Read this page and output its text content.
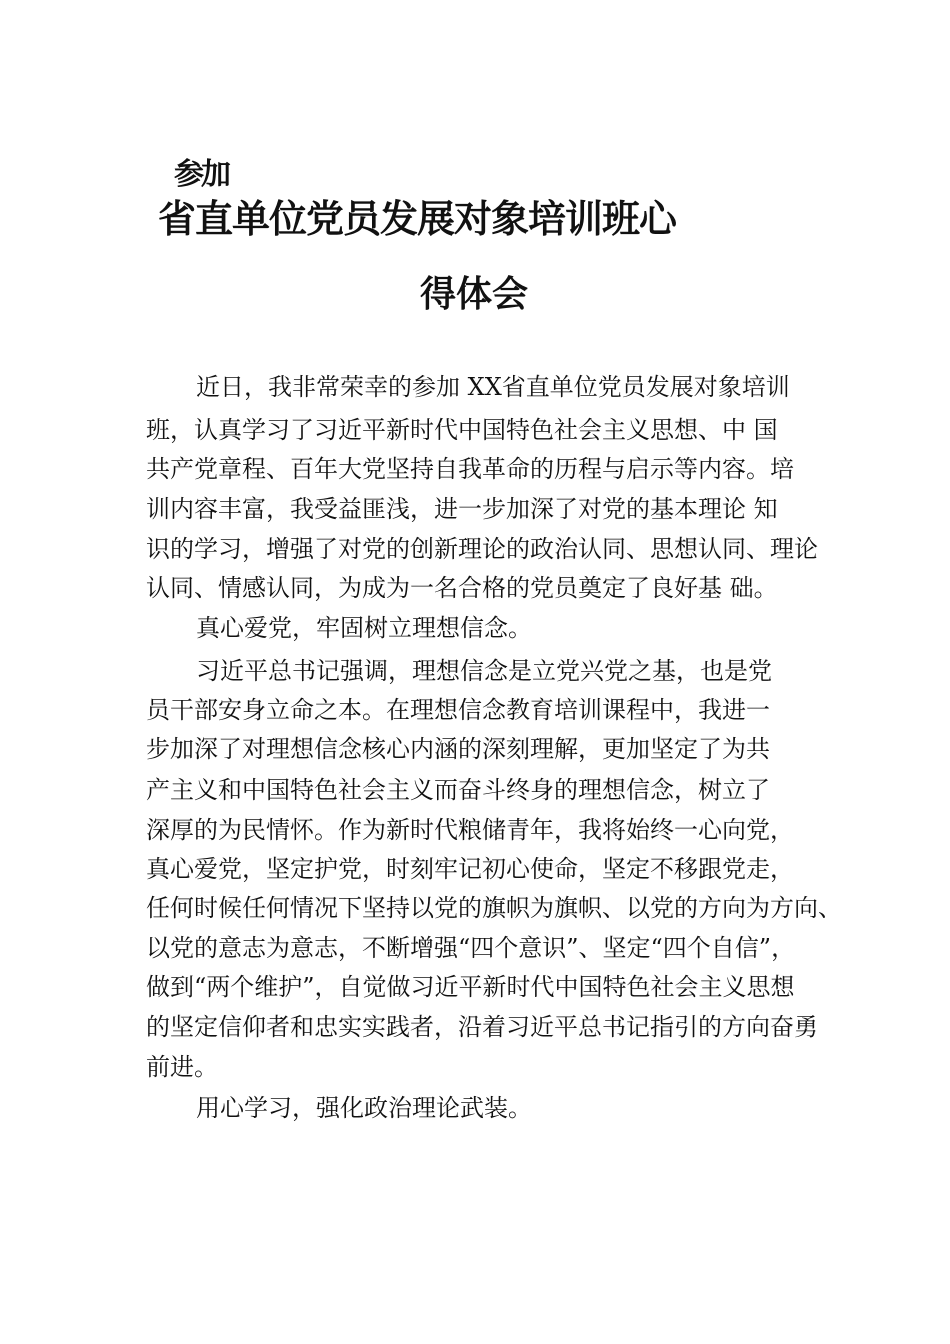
参加
省直单位党员发展对象培训班心
得体会
近日，我非常荣幸的参加 XX省直单位党员发展对象培训
班，认真学习了习近平新时代中国特色社会主义思想、中 国
共产党章程、百年大党坚持自我革命的历程与启示等内容。培
训内容丰富，我受益匪浅，进一步加深了对党的基本理论 知
识的学习，增强了对党的创新理论的政治认同、思想认同、理论
认同、情感认同，为成为一名合格的党员奠定了良好基 础。
真心爱党，牢固树立理想信念。
习近平总书记强调，理想信念是立党兴党之基，也是党
员干部安身立命之本。在理想信念教育培训课程中，我进一
步加深了对理想信念核心内涵的深刻理解，更加坚定了为共
产主义和中国特色社会主义而奋斗终身的理想信念，树立了
深厚的为民情怀。作为新时代粮储青年，我将始终一心向党，
真心爱党，坚定护党，时刻牢记初心使命，坚定不移跟党走，
任何时候任何情况下坚持以党的旗帜为旗帜、以党的方向为方向、
以党的意志为意志，不断增强“四个意识”、坚定“四个自信”，
做到“两个维护”，自觉做习近平新时代中国特色社会主义思想
的坚定信仰者和忠实实践者，沿着习近平总书记指引的方向奋勇
前进。
用心学习，强化政治理论武装。
